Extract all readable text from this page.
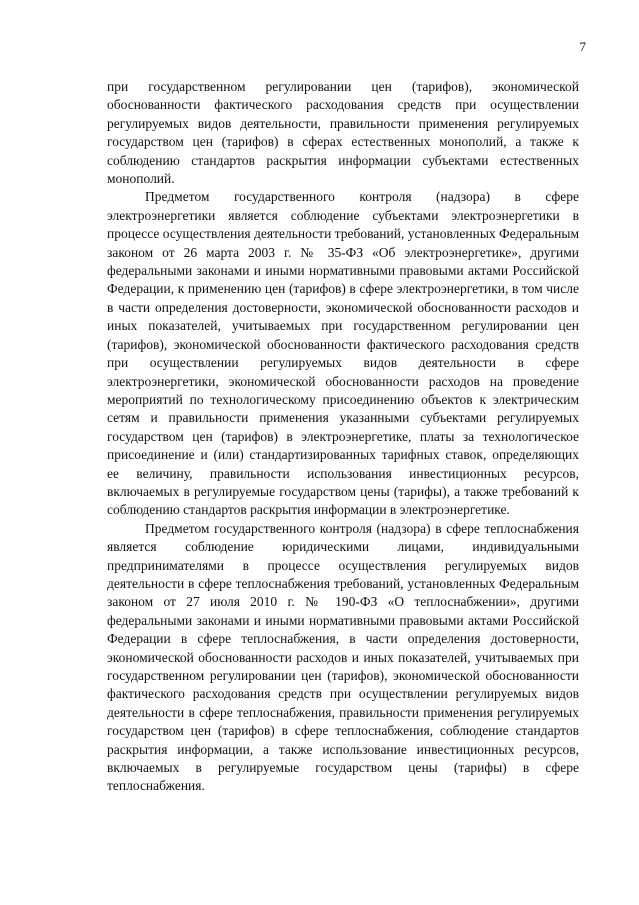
7

при государственном регулировании цен (тарифов), экономической обоснованности фактического расходования средств при осуществлении регулируемых видов деятельности, правильности применения регулируемых государством цен (тарифов) в сферах естественных монополий, а также к соблюдению стандартов раскрытия информации субъектами естественных монополий.

Предметом государственного контроля (надзора) в сфере электроэнергетики является соблюдение субъектами электроэнергетики в процессе осуществления деятельности требований, установленных Федеральным законом от 26 марта 2003 г. № 35-ФЗ «Об электроэнергетике», другими федеральными законами и иными нормативными правовыми актами Российской Федерации, к применению цен (тарифов) в сфере электроэнергетики, в том числе в части определения достоверности, экономической обоснованности расходов и иных показателей, учитываемых при государственном регулировании цен (тарифов), экономической обоснованности фактического расходования средств при осуществлении регулируемых видов деятельности в сфере электроэнергетики, экономической обоснованности расходов на проведение мероприятий по технологическому присоединению объектов к электрическим сетям и правильности применения указанными субъектами регулируемых государством цен (тарифов) в электроэнергетике, платы за технологическое присоединение и (или) стандартизированных тарифных ставок, определяющих ее величину, правильности использования инвестиционных ресурсов, включаемых в регулируемые государством цены (тарифы), а также требований к соблюдению стандартов раскрытия информации в электроэнергетике.

Предметом государственного контроля (надзора) в сфере теплоснабжения является соблюдение юридическими лицами, индивидуальными предпринимателями в процессе осуществления регулируемых видов деятельности в сфере теплоснабжения требований, установленных Федеральным законом от 27 июля 2010 г. № 190-ФЗ «О теплоснабжении», другими федеральными законами и иными нормативными правовыми актами Российской Федерации в сфере теплоснабжения, в части определения достоверности, экономической обоснованности расходов и иных показателей, учитываемых при государственном регулировании цен (тарифов), экономической обоснованности фактического расходования средств при осуществлении регулируемых видов деятельности в сфере теплоснабжения, правильности применения регулируемых государством цен (тарифов) в сфере теплоснабжения, соблюдение стандартов раскрытия информации, а также использование инвестиционных ресурсов, включаемых в регулируемые государством цены (тарифы) в сфере теплоснабжения.
